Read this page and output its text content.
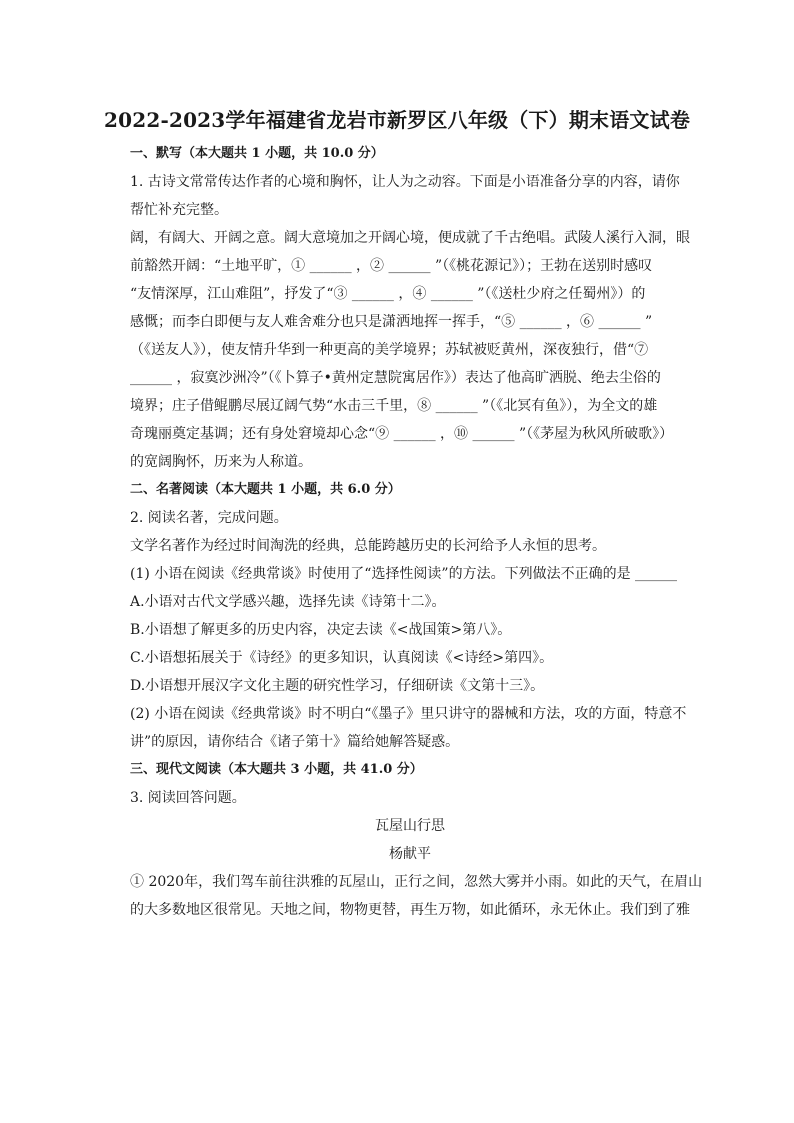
2022-2023学年福建省龙岩市新罗区八年级（下）期末语文试卷
一、默写（本大题共 1 小题，共 10.0 分）

1. 古诗文常常传达作者的心境和胸怀，让人为之动容。下面是小语准备分享的内容，请你

帮忙补充完整。

阔，有阔大、开阔之意。阔大意境加之开阔心境，便成就了千古绝唱。武陵人溪行入洞，眼

前豁然开阔：“土地平旷，① ______ ，② ______ ”（《桃花源记》）；王勃在送别时感叹

“友情深厚，江山难阻”，抒发了“③ ______ ，④ ______ ”（《送杜少府之任蜀州》）的

感慨；而李白即便与友人难舍难分也只是潇洒地挥一挥手，“⑤ ______ ，⑥ ______ ”

（《送友人》），使友情升华到一种更高的美学境界；苏轼被贬黄州，深夜独行，借“⑦

______ ，寂寞沙洲冷”（《卜算子•黄州定慧院寓居作》）表达了他高旷洒脱、绝去尘俗的

境界；庄子借鲲鹏尽展辽阔气势“水击三千里，⑧ ______ ”（《北冥有鱼》），为全文的雄

奇瑰丽奠定基调；还有身处窘境却心念“⑨ ______ ，⑩ ______ ”（《茅屋为秋风所破歌》）

的宽阔胸怀，历来为人称道。

二、名著阅读（本大题共 1 小题，共 6.0 分）

2. 阅读名著，完成问题。

文学名著作为经过时间淘洗的经典，总能跨越历史的长河给予人永恒的思考。

(1) 小语在阅读《经典常谈》时使用了“选择性阅读”的方法。下列做法不正确的是 ______

A.小语对古代文学感兴趣，选择先读《诗第十二》。

B.小语想了解更多的历史内容，决定去读《<战国策>第八》。

C.小语想拓展关于《诗经》的更多知识，认真阅读《<诗经>第四》。

D.小语想开展汉字文化主题的研究性学习，仔细研读《文第十三》。

(2) 小语在阅读《经典常谈》时不明白“《墨子》里只讲守的器械和方法，攻的方面，特意不

讲”的原因，请你结合《诸子第十》篇给她解答疑惑。

三、现代文阅读（本大题共 3 小题，共 41.0 分）

3. 阅读回答问题。

瓦屋山行思

杨献平

① 2020年，我们驾车前往洪雅的瓦屋山，正行之间，忽然大雾并小雨。如此的天气，在眉山

的大多数地区很常见。天地之间，物物更替，再生万物，如此循环，永无休止。我们到了雅
